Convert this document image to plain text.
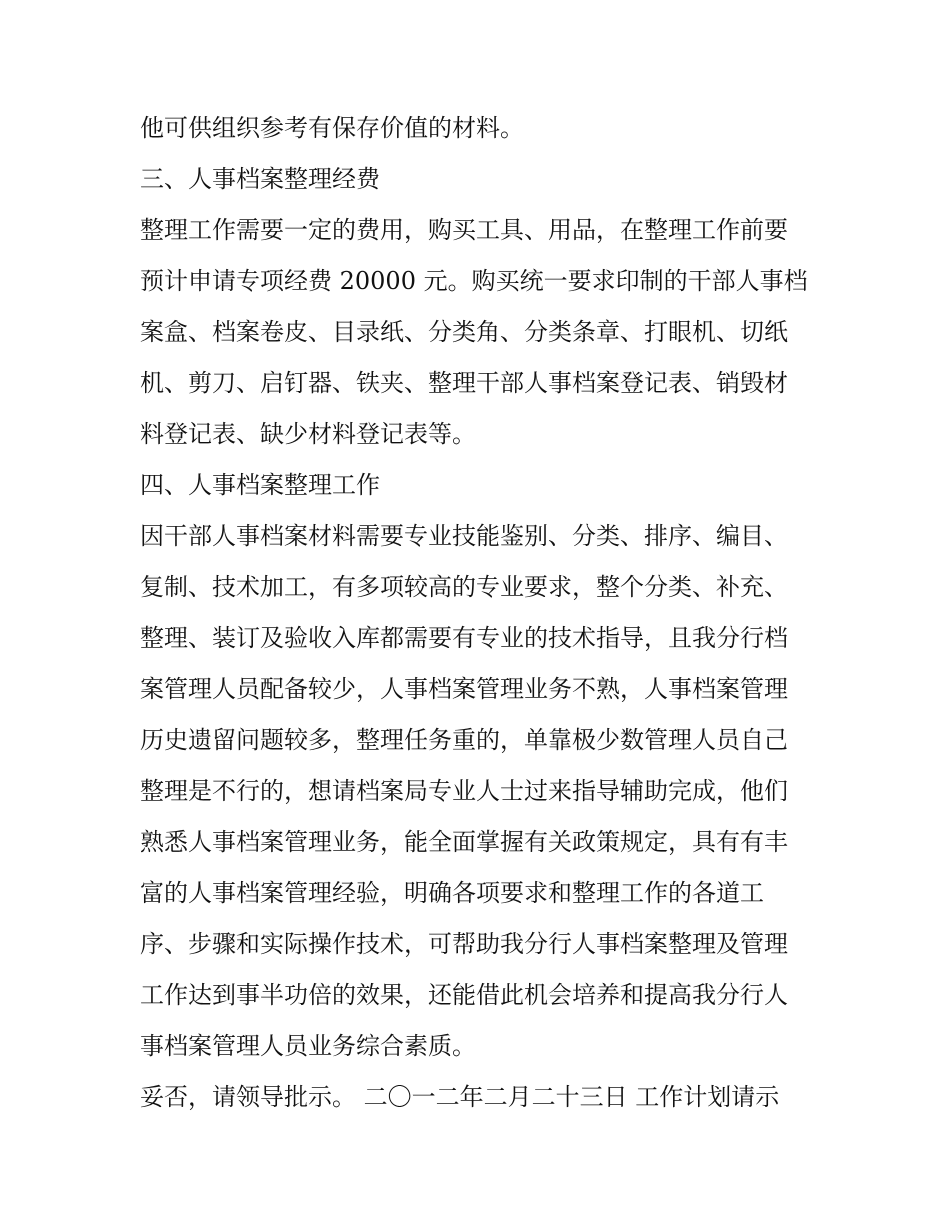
他可供组织参考有保存价值的材料。
三、人事档案整理经费
整理工作需要一定的费用，购买工具、用品，在整理工作前要
预计申请专项经费 20000 元。购买统一要求印制的干部人事档
案盒、档案卷皮、目录纸、分类角、分类条章、打眼机、切纸
机、剪刀、启钉器、铁夹、整理干部人事档案登记表、销毁材
料登记表、缺少材料登记表等。
四、人事档案整理工作
因干部人事档案材料需要专业技能鉴别、分类、排序、编目、
复制、技术加工，有多项较高的专业要求，整个分类、补充、
整理、装订及验收入库都需要有专业的技术指导，且我分行档
案管理人员配备较少，人事档案管理业务不熟，人事档案管理
历史遗留问题较多，整理任务重的，单靠极少数管理人员自己
整理是不行的，想请档案局专业人士过来指导辅助完成，他们
熟悉人事档案管理业务，能全面掌握有关政策规定，具有有丰
富的人事档案管理经验，明确各项要求和整理工作的各道工
序、步骤和实际操作技术，可帮助我分行人事档案整理及管理
工作达到事半功倍的效果，还能借此机会培养和提高我分行人
事档案管理人员业务综合素质。
妥否，请领导批示。 二〇一二年二月二十三日 工作计划请示
